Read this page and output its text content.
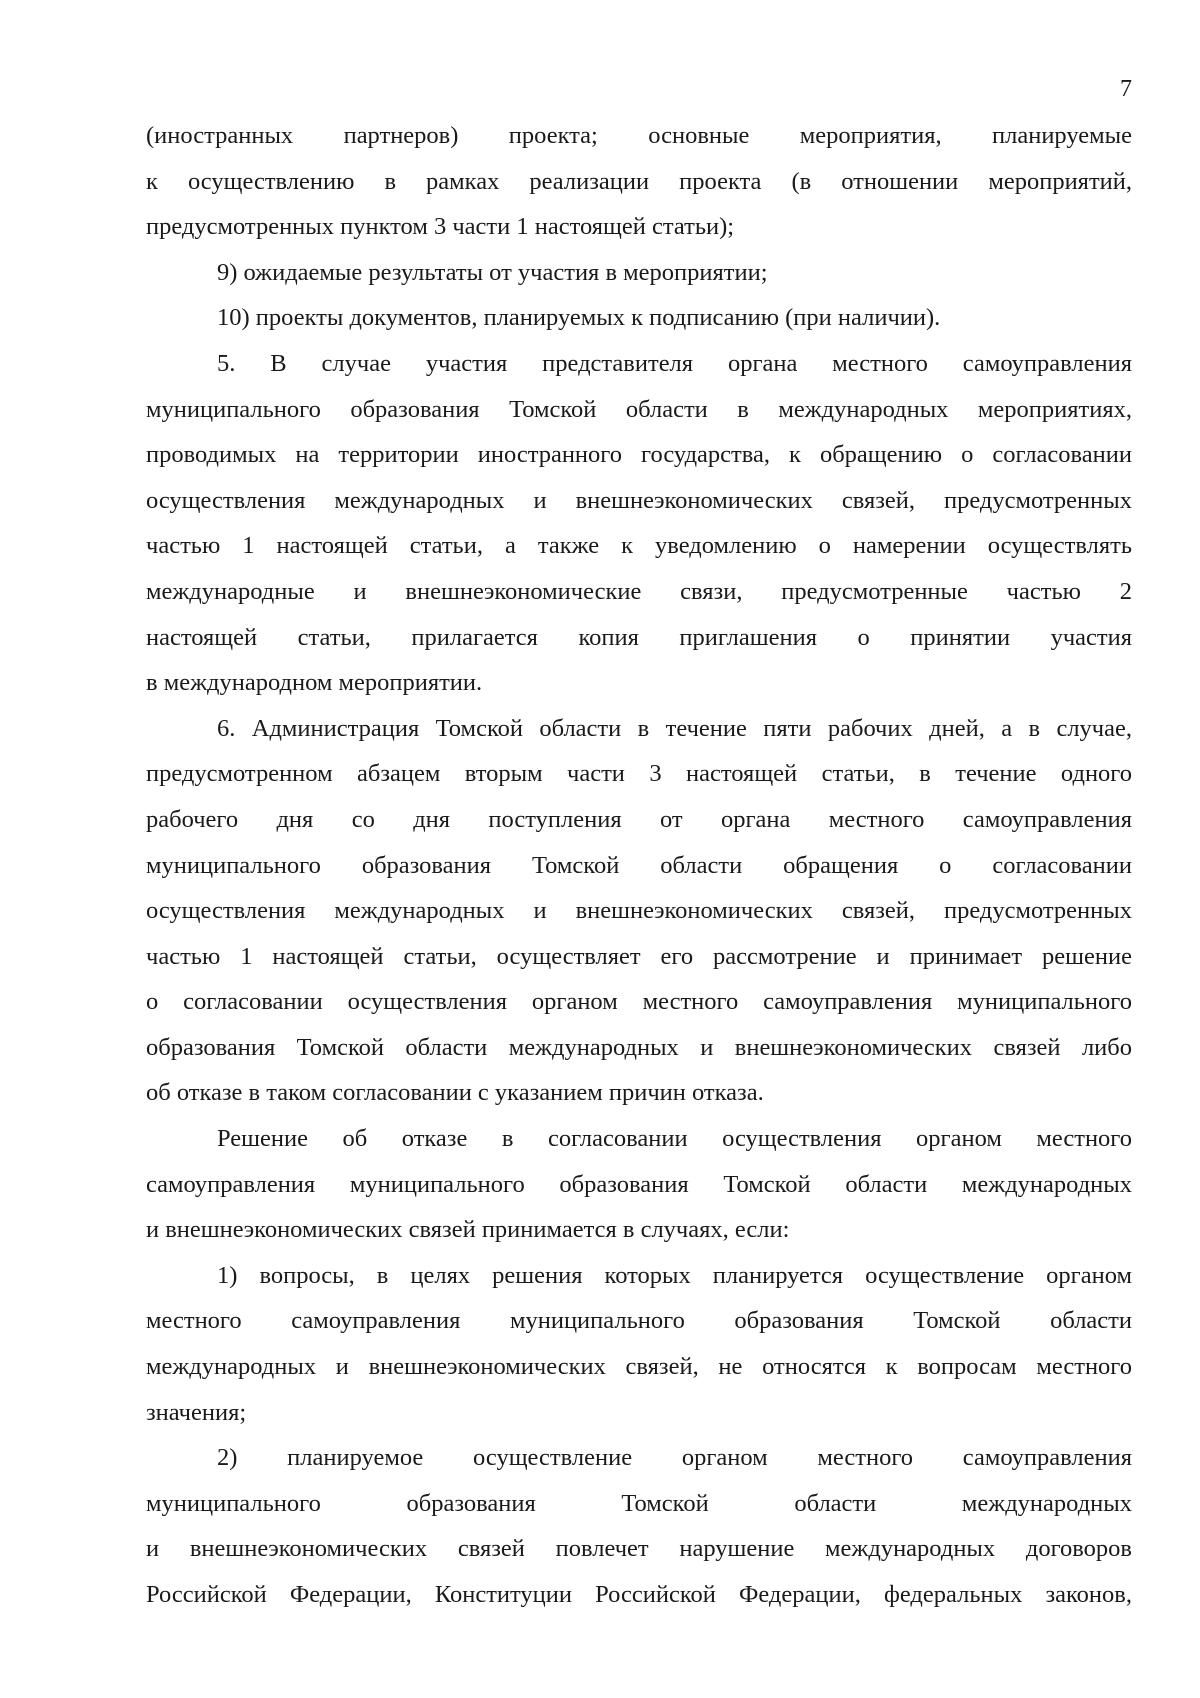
7
(иностранных партнеров) проекта; основные мероприятия, планируемые
к осуществлению в рамках реализации проекта (в отношении мероприятий,
предусмотренных пунктом 3 части 1 настоящей статьи);
9) ожидаемые результаты от участия в мероприятии;
10) проекты документов, планируемых к подписанию (при наличии).
5. В случае участия представителя органа местного самоуправления
муниципального образования Томской области в международных мероприятиях,
проводимых на территории иностранного государства, к обращению о согласовании
осуществления международных и внешнеэкономических связей, предусмотренных
частью 1 настоящей статьи, а также к уведомлению о намерении осуществлять
международные и внешнеэкономические связи, предусмотренные частью 2
настоящей статьи, прилагается копия приглашения о принятии участия
в международном мероприятии.
6. Администрация Томской области в течение пяти рабочих дней, а в случае,
предусмотренном абзацем вторым части 3 настоящей статьи, в течение одного
рабочего дня со дня поступления от органа местного самоуправления
муниципального образования Томской области обращения о согласовании
осуществления международных и внешнеэкономических связей, предусмотренных
частью 1 настоящей статьи, осуществляет его рассмотрение и принимает решение
о согласовании осуществления органом местного самоуправления муниципального
образования Томской области международных и внешнеэкономических связей либо
об отказе в таком согласовании с указанием причин отказа.
Решение об отказе в согласовании осуществления органом местного
самоуправления муниципального образования Томской области международных
и внешнеэкономических связей принимается в случаях, если:
1) вопросы, в целях решения которых планируется осуществление органом
местного самоуправления муниципального образования Томской области
международных и внешнеэкономических связей, не относятся к вопросам местного
значения;
2) планируемое осуществление органом местного самоуправления
муниципального образования Томской области международных
и внешнеэкономических связей повлечет нарушение международных договоров
Российской Федерации, Конституции Российской Федерации, федеральных законов,
